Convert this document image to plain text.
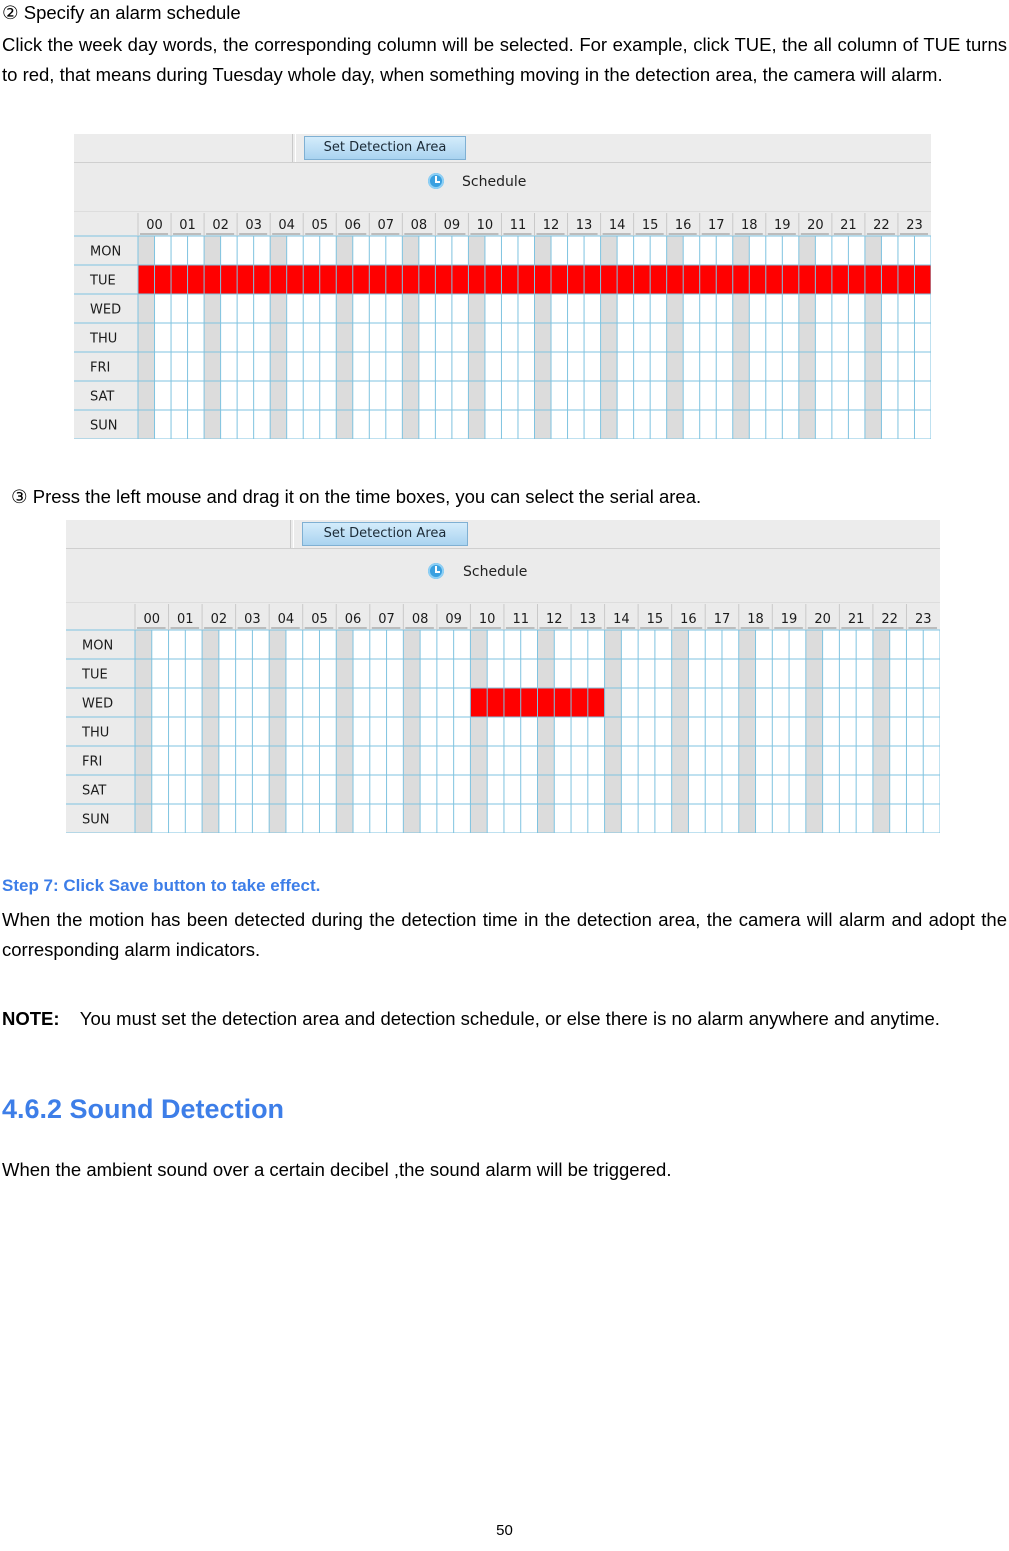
② Specify an alarm schedule
Click the week day words, the corresponding column will be selected. For example, click TUE, the all column of TUE turns to red, that means during Tuesday whole day, when something moving in the detection area, the camera will alarm.
Set Detection Area
Schedule
00 01 02 03 04 05 06 07 08 09 10 11 12 13 14 15 16 17 18 19 20 21 22 23
MON
TUE
WED
THU
FRI
SAT
SUN
③ Press the left mouse and drag it on the time boxes, you can select the serial area.
Set Detection Area
Schedule
00 01 02 03 04 05 06 07 08 09 10 11 12 13 14 15 16 17 18 19 20 21 22 23
MON
TUE
WED
THU
FRI
SAT
SUN
Step 7: Click Save button to take effect.
When the motion has been detected during the detection time in the detection area, the camera will alarm and adopt the corresponding alarm indicators.
NOTE: You must set the detection area and detection schedule, or else there is no alarm anywhere and anytime.
4.6.2 Sound Detection
When the ambient sound over a certain decibel ,the sound alarm will be triggered.
50
